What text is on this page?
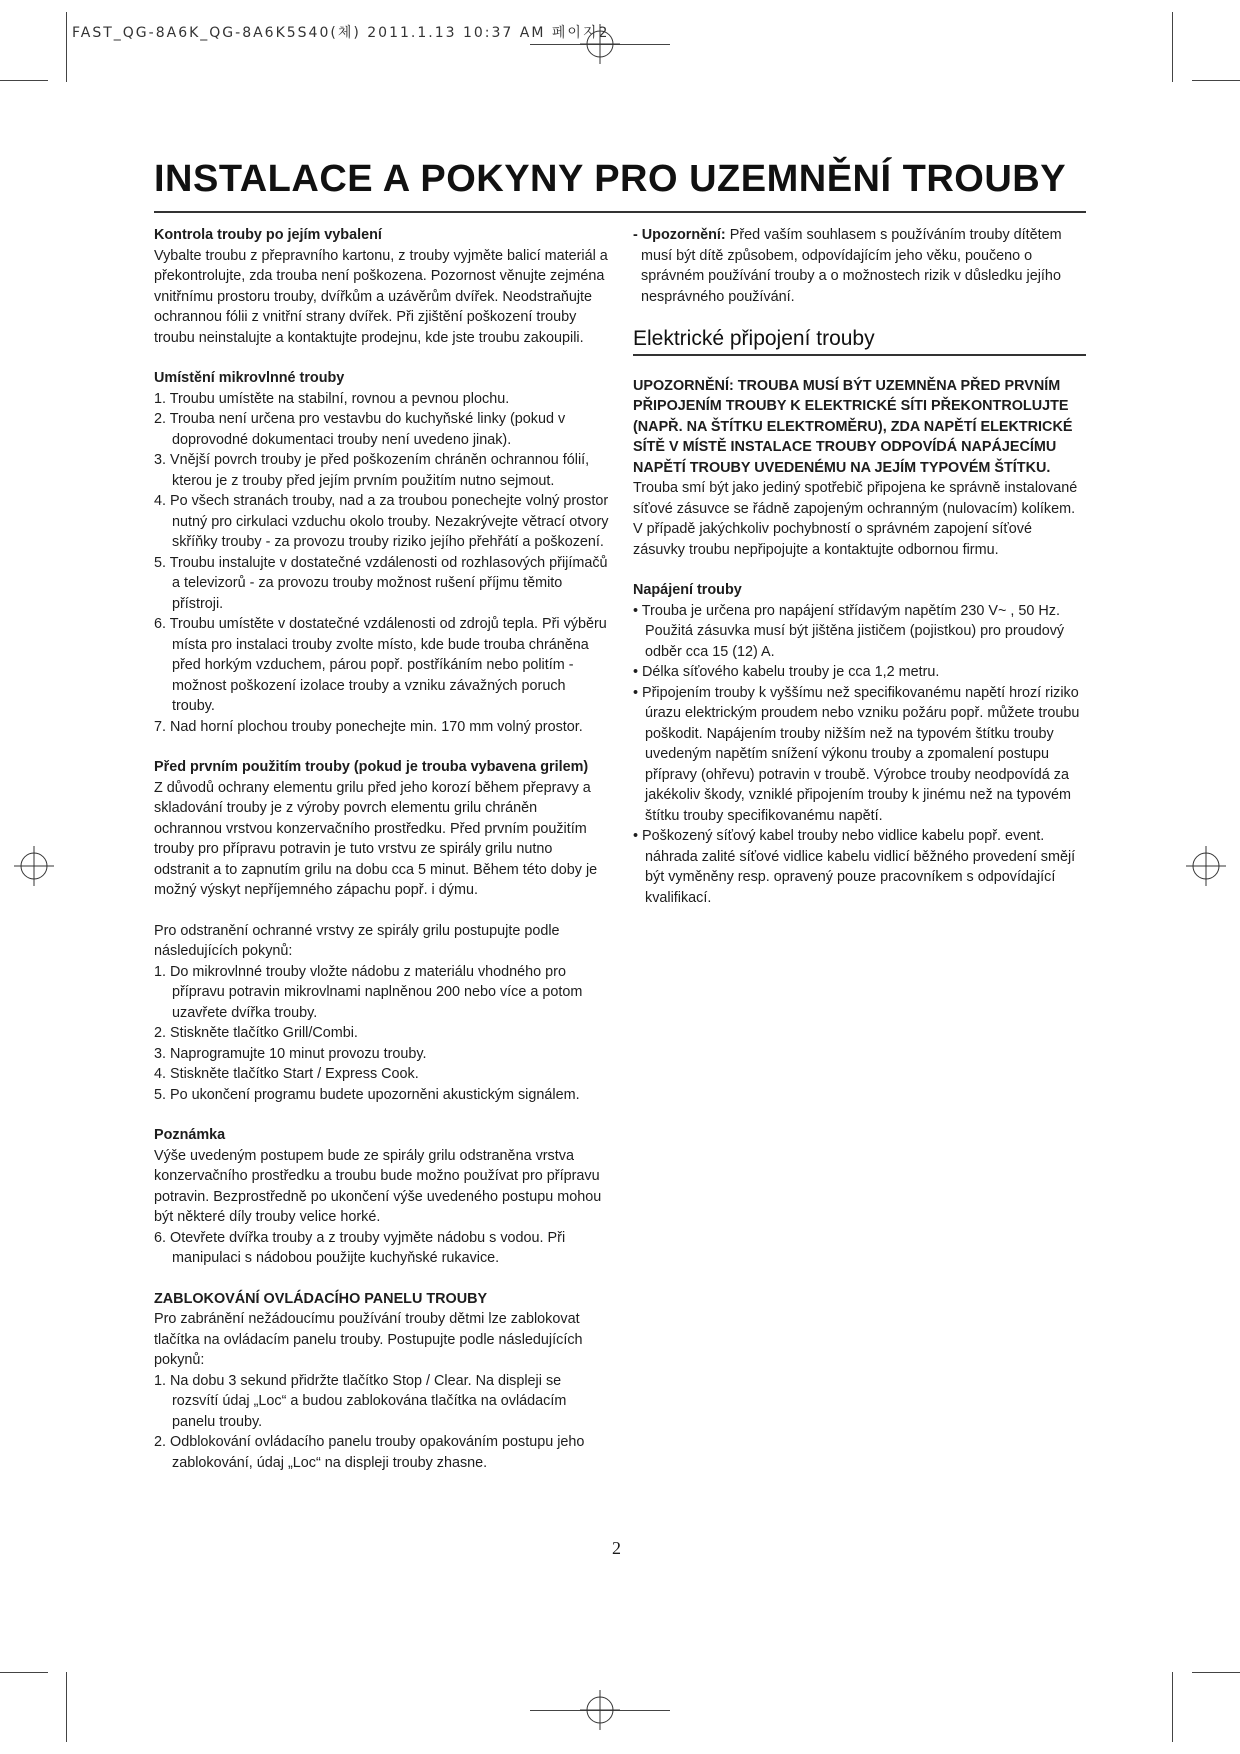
FAST_QG-8A6K_QG-8A6K5S40(체) 2011.1.13 10:37 AM 페이지2
INSTALACE A POKYNY PRO UZEMNĚNÍ TROUBY

Kontrola trouby po jejím vybalení

Vybalte troubu z přepravního kartonu, z trouby vyjměte balicí materiál a překontrolujte, zda trouba není poškozena. Pozornost věnujte zejména vnitřnímu prostoru trouby, dvířkům a uzávěrům dvířek. Neodstraňujte ochrannou fólii z vnitřní strany dvířek. Při zjištění poškození trouby troubu neinstalujte a kontaktujte prodejnu, kde jste troubu zakoupili.

Umístění mikrovlnné trouby

1. Troubu umístěte na stabilní, rovnou a pevnou plochu.
2. Trouba není určena pro vestavbu do kuchyňské linky (pokud v doprovodné dokumentaci trouby není uvedeno jinak).
3. Vnější povrch trouby je před poškozením chráněn ochrannou fólií, kterou je z trouby před jejím prvním použitím nutno sejmout.
4. Po všech stranách trouby, nad a za troubou ponechejte volný prostor nutný pro cirkulaci vzduchu okolo trouby. Nezakrývejte větrací otvory skříňky trouby - za provozu trouby riziko jejího přehřátí a poškození.
5. Troubu instalujte v dostatečné vzdálenosti od rozhlasových přijímačů a televizorů - za provozu trouby možnost rušení příjmu těmito přístroji.
6. Troubu umístěte v dostatečné vzdálenosti od zdrojů tepla. Při výběru místa pro instalaci trouby zvolte místo, kde bude trouba chráněna před horkým vzduchem, párou popř. postříkáním nebo politím - možnost poškození izolace trouby a vzniku závažných poruch trouby.
7. Nad horní plochou trouby ponechejte min. 170 mm volný prostor.

Před prvním použitím trouby (pokud je trouba vybavena grilem)

Z důvodů ochrany elementu grilu před jeho korozí během přepravy a skladování trouby je z výroby povrch elementu grilu chráněn ochrannou vrstvou konzervačního prostředku. Před prvním použitím trouby pro přípravu potravin je tuto vrstvu ze spirály grilu nutno odstranit a to zapnutím grilu na dobu cca 5 minut. Během této doby je možný výskyt nepříjemného zápachu popř. i dýmu.

Pro odstranění ochranné vrstvy ze spirály grilu postupujte podle následujících pokynů:

1. Do mikrovlnné trouby vložte nádobu z materiálu vhodného pro přípravu potravin mikrovlnami naplněnou 200 nebo více a potom uzavřete dvířka trouby.
2. Stiskněte tlačítko Grill/Combi.
3. Naprogramujte 10 minut provozu trouby.
4. Stiskněte tlačítko Start / Express Cook.
5. Po ukončení programu budete upozorněni akustickým signálem.

Poznámka

Výše uvedeným postupem bude ze spirály grilu odstraněna vrstva konzervačního prostředku a troubu bude možno používat pro přípravu potravin. Bezprostředně po ukončení výše uvedeného postupu mohou být některé díly trouby velice horké.

6. Otevřete dvířka trouby a z trouby vyjměte nádobu s vodou. Při manipulaci s nádobou použijte kuchyňské rukavice.

ZABLOKOVÁNÍ OVLÁDACÍHO PANELU TROUBY

Pro zabránění nežádoucímu používání trouby dětmi lze zablokovat tlačítka na ovládacím panelu trouby. Postupujte podle následujících pokynů:

1. Na dobu 3 sekund přidržte tlačítko Stop / Clear. Na displeji se rozsvítí údaj „Loc“ a budou zablokována tlačítka na ovládacím panelu trouby.
2. Odblokování ovládacího panelu trouby opakováním postupu jeho zablokování, údaj „Loc“ na displeji trouby zhasne.

- Upozornění: Před vaším souhlasem s používáním trouby dítětem musí být dítě způsobem, odpovídajícím jeho věku, poučeno o správném používání trouby a o možnostech rizik v důsledku jejího nesprávného používání.

Elektrické připojení trouby

UPOZORNĚNÍ: TROUBA MUSÍ BÝT UZEMNĚNA PŘED PRVNÍM PŘIPOJENÍM TROUBY K ELEKTRICKÉ SÍTI PŘEKONTROLUJTE (NAPŘ. NA ŠTÍTKU ELEKTROMĚRU), ZDA NAPĚTÍ ELEKTRICKÉ SÍTĚ V MÍSTĚ INSTALACE TROUBY ODPOVÍDÁ NAPÁJECÍMU NAPĚTÍ TROUBY UVEDENÉMU NA JEJÍM TYPOVÉM ŠTÍTKU.

Trouba smí být jako jediný spotřebič připojena ke správně instalované síťové zásuvce se řádně zapojeným ochranným (nulovacím) kolíkem. V případě jakýchkoliv pochybností o správném zapojení síťové zásuvky troubu nepřipojujte a kontaktujte odbornou firmu.

Napájení trouby

• Trouba je určena pro napájení střídavým napětím 230 V~ , 50 Hz. Použitá zásuvka musí být jištěna jističem (pojistkou) pro proudový odběr cca 15 (12) A.
• Délka síťového kabelu trouby je cca 1,2 metru.
• Připojením trouby k vyššímu než specifikovanému napětí hrozí riziko úrazu elektrickým proudem nebo vzniku požáru popř. můžete troubu poškodit. Napájením trouby nižším než na typovém štítku trouby uvedeným napětím snížení výkonu trouby a zpomalení postupu přípravy (ohřevu) potravin v troubě. Výrobce trouby neodpovídá za jakékoliv škody, vzniklé připojením trouby k jinému než na typovém štítku trouby specifikovanému napětí.
• Poškozený síťový kabel trouby nebo vidlice kabelu popř. event. náhrada zalité síťové vidlice kabelu vidlicí běžného provedení smějí být vyměněny resp. opravený pouze pracovníkem s odpovídající kvalifikací.
2
